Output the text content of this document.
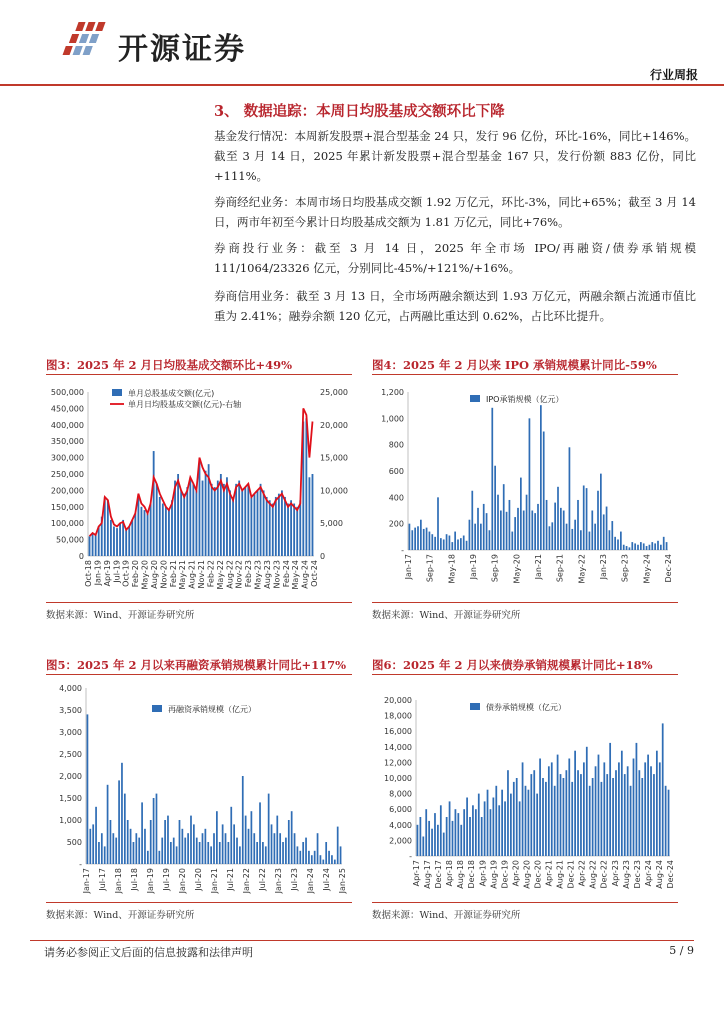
开源证券
行业周报
3、 数据追踪：本周日均股基成交额环比下降

基金发行情况：本周新发股票+混合型基金 24 只，发行 96 亿份，环比-16%，同比+146%。截至 3 月 14 日，2025 年累计新发股票+混合型基金 167 只，发行份额 883 亿份，同比+111%。

券商经纪业务：本周市场日均股基成交额 1.92 万亿元，环比-3%，同比+65%；截至 3 月 14 日，两市年初至今累计日均股基成交额为 1.81 万亿元，同比+76%。

券商投行业务：截至 3 月 14 日，2025 年全市场 IPO/再融资/债券承销规模 111/1064/23326 亿元，分别同比-45%/+121%/+16%。

券商信用业务：截至 3 月 13 日，全市场两融余额达到 1.93 万亿元，两融余额占流通市值比重为 2.41%；融券余额 120 亿元，占两融比重达到 0.62%，占比环比提升。

图3：2025 年 2 月日均股基成交额环比+49%
500,000
450,000
400,000
350,000
300,000
250,000
200,000
150,000
100,000
50,000
0
25,000
20,000
15,000
10,000
5,000
0
Oct-18 Jan-19 Apr-19 Jul-19 Oct-19 Feb-20 May-20 Aug-20 Nov-20 Feb-21 May-21 Aug-21 Nov-21 Feb-22 May-22 Aug-22 Nov-22 Feb-23 May-23 Aug-23 Nov-23 Feb-24 May-24 Aug-24 Oct-24
单月总股基成交额(亿元)
单月日均股基成交额(亿元)-右轴
数据来源：Wind、开源证券研究所
图4：2025 年 2 月以来 IPO 承销规模累计同比-59%
1,200
1,000
800
600
400
200
-
Jan-17 Sep-17 May-18 Jan-19 Sep-19 May-20 Jan-21 Sep-21 May-22 Jan-23 Sep-23 May-24 Dec-24
IPO承销规模（亿元）
数据来源：Wind、开源证券研究所
图5：2025 年 2 月以来再融资承销规模累计同比+117%
4,000
3,500
3,000
2,500
2,000
1,500
1,000
500
-
Jan-17 Jul-17 Jan-18 Jul-18 Jan-19 Jul-19 Jan-20 Jul-20 Jan-21 Jul-21 Jan-22 Jul-22 Jan-23 Jul-23 Jan-24 Jul-24 Jan-25
再融资承销规模（亿元）
数据来源：Wind、开源证券研究所
图6：2025 年 2 月以来债券承销规模累计同比+18%
20,000
18,000
16,000
14,000
12,000
10,000
8,000
6,000
4,000
2,000
-
Apr-17 Aug-17 Dec-17 Apr-18 Aug-18 Dec-18 Apr-19 Aug-19 Dec-19 Apr-20 Aug-20 Dec-20 Apr-21 Aug-21 Dec-21 Apr-22 Aug-22 Dec-22 Apr-23 Aug-23 Dec-23 Apr-24 Aug-24 Dec-24
债券承销规模（亿元）
数据来源：Wind、开源证券研究所
请务必参阅正文后面的信息披露和法律声明	5 / 9
